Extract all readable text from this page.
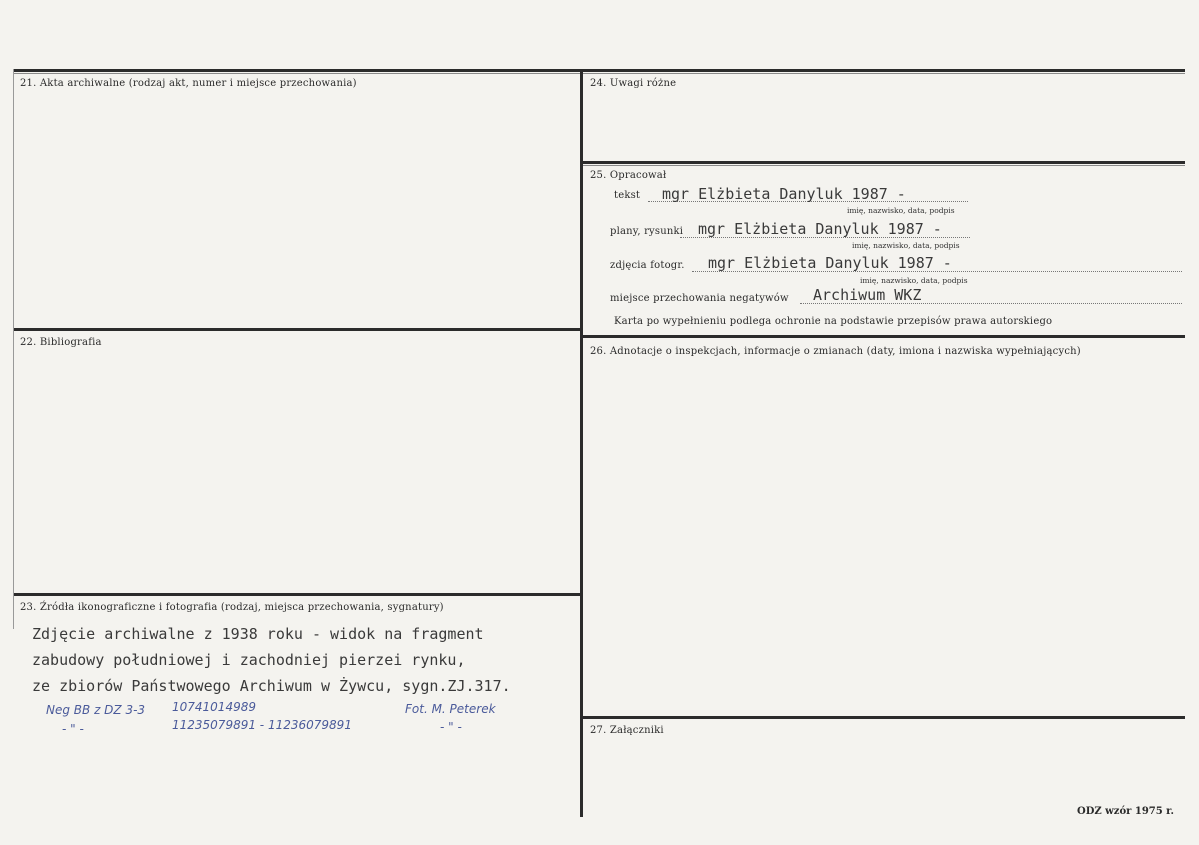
21. Akta archiwalne (rodzaj akt, numer i miejsce przechowania)
22. Bibliografia
23. Źródła ikonograficzne i fotografia (rodzaj, miejsca przechowania, sygnatury)
Zdjęcie archiwalne z 1938 roku - widok na fragment
zabudowy południowej i zachodniej pierzei rynku,
ze zbiorów Państwowego Archiwum w Żywcu, sygn.ZJ.317.
Neg BB z DZ 3-3 10741014989
11235079891 - 11236079891
- " -
Fot. M. Peterek
- " -
24. Uwagi różne
25. Opracował
tekst mgr Elżbieta Danyluk 1987 -
imię, nazwisko, data, podpis
plany, rysunki mgr Elżbieta Danyluk 1987 -
imię, nazwisko, data, podpis
zdjęcia fotogr. mgr Elżbieta Danyluk 1987 -
imię, nazwisko, data, podpis
miejsce przechowania negatywów Archiwum WKZ
Karta po wypełnieniu podlega ochronie na podstawie przepisów prawa autorskiego
26. Adnotacje o inspekcjach, informacje o zmianach (daty, imiona i nazwiska wypełniających)
27. Załączniki
ODZ wzór 1975 r.
